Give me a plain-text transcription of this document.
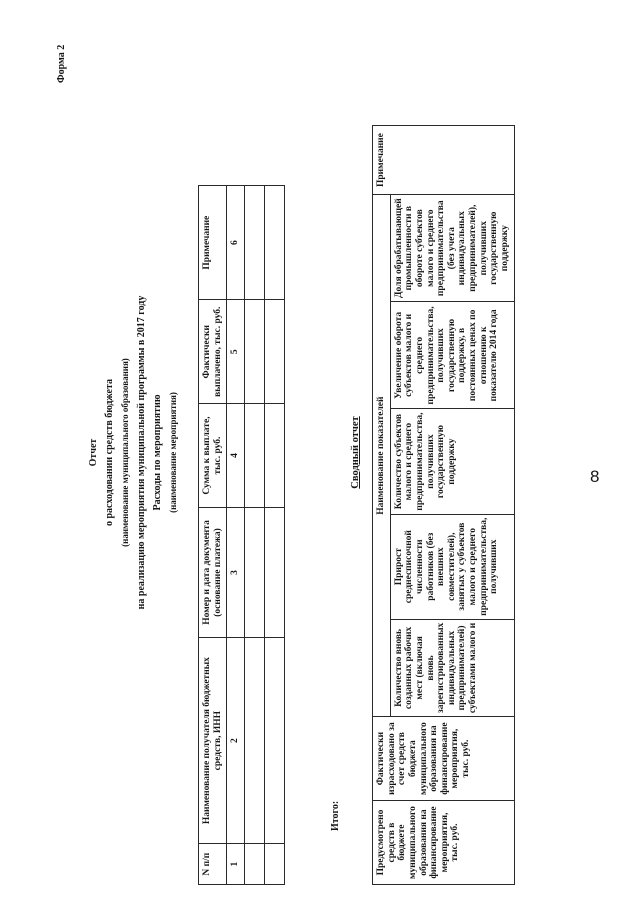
8
Форма 2
Отчет о расходовании средств бюджета (наименование муниципального образования) на реализацию мероприятия муниципальной программы в 2017 году Расходы по мероприятию (наименование мероприятия)
N п/п	Наименование получателя бюджетных средств, ИНН	Номер и дата документа (основание платежа)	Сумма к выплате, тыс. руб.	Фактически выплачено, тыс. руб.	Примечание
1	2	3	4	5	6

Итого:
Сводный отчет
Предусмотрено средств в бюджете муниципального образования на финансирование мероприятия, тыс. руб.	Фактически израсходовано за счет средств бюджета муниципального образования на финансирование мероприятия, тыс. руб.	Наименование показателей					Примечание
		Количество вновь созданных рабочих мест (включая вновь зарегистрированных индивидуальных предпринимателей) субъектами малого и	Прирост среднесписочной численности работников (без внешних совместителей), занятых у субъектов малого и среднего предпринимательства, получивших	Количество субъектов малого и среднего предпринимательства, получивших государственную поддержку	Увеличение оборота субъектов малого и среднего предпринимательства, получивших государственную поддержку, в постоянных ценах по отношению к показателю 2014 года	Доля обрабатывающей промышленности в обороте субъектов малого и среднего предпринимательства (без учета индивидуальных предпринимателей), получивших государственную поддержку	
